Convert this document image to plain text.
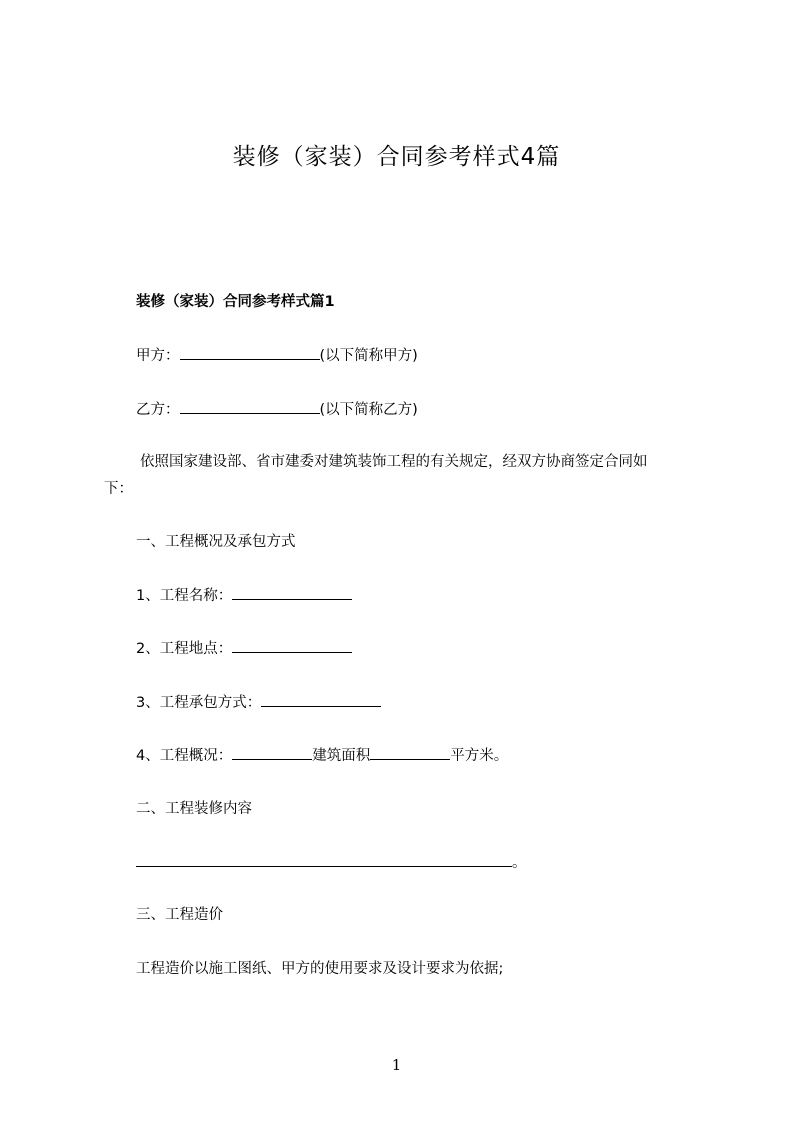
装修（家装）合同参考样式4篇
装修（家装）合同参考样式篇1
甲方：	(以下简称甲方)
乙方：	(以下简称乙方)
依照国家建设部、省市建委对建筑装饰工程的有关规定，经双方协商签定合同如
下：
一、工程概况及承包方式
1、工程名称：
2、工程地点：
3、工程承包方式：
4、工程概况：	建筑面积	平方米。
二、工程装修内容
。
三、工程造价
工程造价以施工图纸、甲方的使用要求及设计要求为依据;
1
